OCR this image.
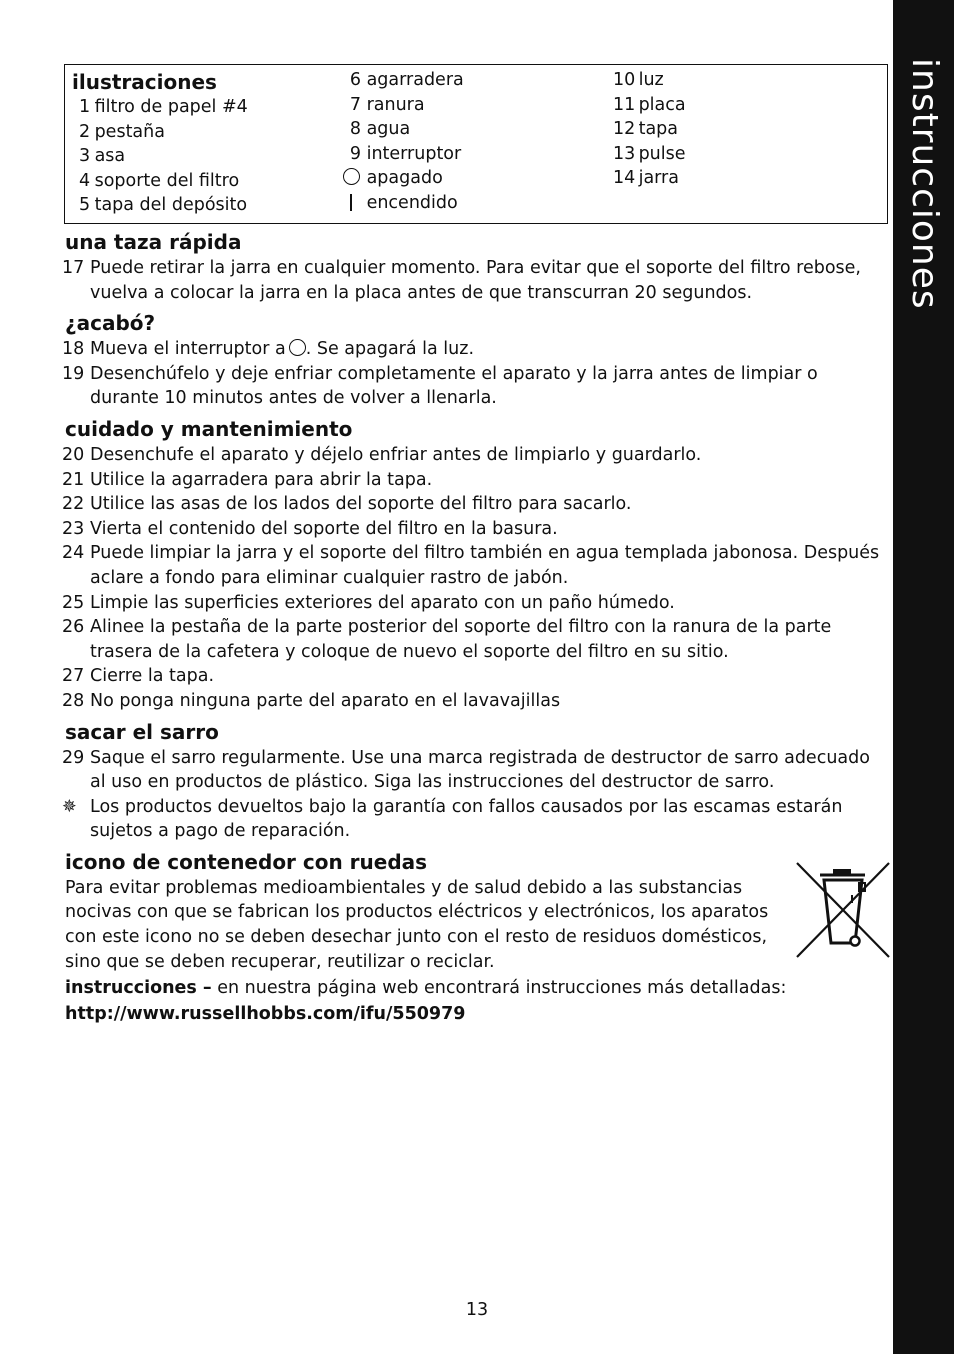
instrucciones
ilustraciones
1 filtro de papel #4
2 pestaña
3 asa
4 soporte del filtro
5 tapa del depósito
6 agarradera
7 ranura
8 agua
9 interruptor
apagado
encendido
10 luz
11 placa
12 tapa
13 pulse
14 jarra
una taza rápida
17 Puede retirar la jarra en cualquier momento. Para evitar que el soporte del filtro rebose, vuelva a colocar la jarra en la placa antes de que transcurran 20 segundos.
¿acabó?
18 Mueva el interruptor a . Se apagará la luz.
19 Desenchúfelo y deje enfriar completamente el aparato y la jarra antes de limpiar o durante 10 minutos antes de volver a llenarla.
cuidado y mantenimiento
20 Desenchufe el aparato y déjelo enfriar antes de limpiarlo y guardarlo.
21 Utilice la agarradera para abrir la tapa.
22 Utilice las asas de los lados del soporte del filtro para sacarlo.
23 Vierta el contenido del soporte del filtro en la basura.
24 Puede limpiar la jarra y el soporte del filtro también en agua templada jabonosa. Después aclare a fondo para eliminar cualquier rastro de jabón.
25 Limpie las superficies exteriores del aparato con un paño húmedo.
26 Alinee la pestaña de la parte posterior del soporte del filtro con la ranura de la parte trasera de la cafetera y coloque de nuevo el soporte del filtro en su sitio.
27 Cierre la tapa.
28 No ponga ninguna parte del aparato en el lavavajillas
sacar el sarro
29 Saque el sarro regularmente. Use una marca registrada de destructor de sarro adecuado al uso en productos de plástico. Siga las instrucciones del destructor de sarro.
✵ Los productos devueltos bajo la garantía con fallos causados por las escamas estarán sujetos a pago de reparación.
icono de contenedor con ruedas
Para evitar problemas medioambientales y de salud debido a las substancias nocivas con que se fabrican los productos eléctricos y electrónicos, los aparatos con este icono no se deben desechar junto con el resto de residuos domésticos, sino que se deben recuperar, reutilizar o reciclar.
instrucciones – en nuestra página web encontrará instrucciones más detalladas:
http://www.russellhobbs.com/ifu/550979
13
